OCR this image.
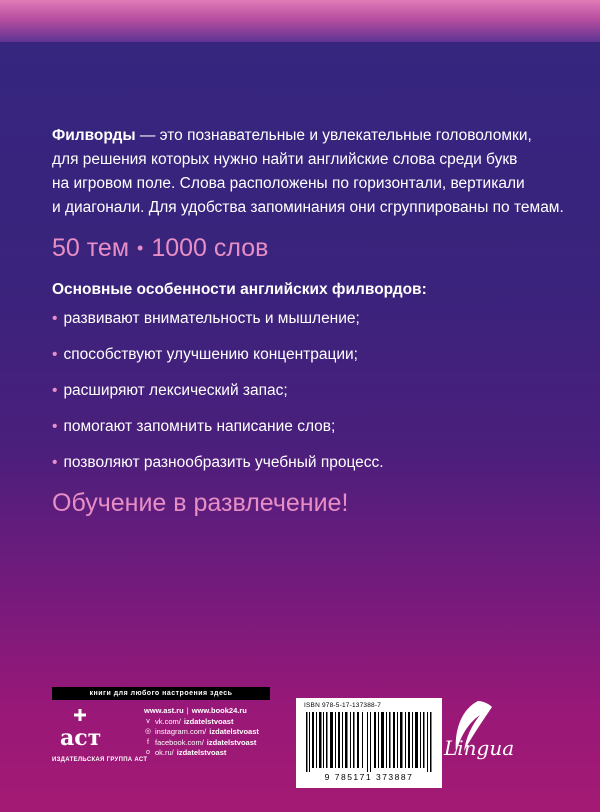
Филворды — это познавательные и увлекательные головоломки,
для решения которых нужно найти английские слова среди букв
на игровом поле. Слова расположены по горизонтали, вертикали
и диагонали. Для удобства запоминания они сгруппированы по темам.

50 тем • 1000 слов
Основные особенности английских филвордов:
• развивают внимательность и мышление;
• способствуют улучшению концентрации;
• расширяют лексический запас;
• помогают запомнить написание слов;
• позволяют разнообразить учебный процесс.
Обучение в развлечение!
книги для любого настроения здесь
аст
ИЗДАТЕЛЬСКАЯ ГРУППА АСТ
www.ast.ru | www.book24.ru
v vk.com/ izdatelstvoast
◎ instagram.com/ izdatelstvoast
f facebook.com/ izdatelstvoast
o ok.ru/ izdatelstvoast
ISBN 978-5-17-137388-7
9 785171 373887
Lingua
